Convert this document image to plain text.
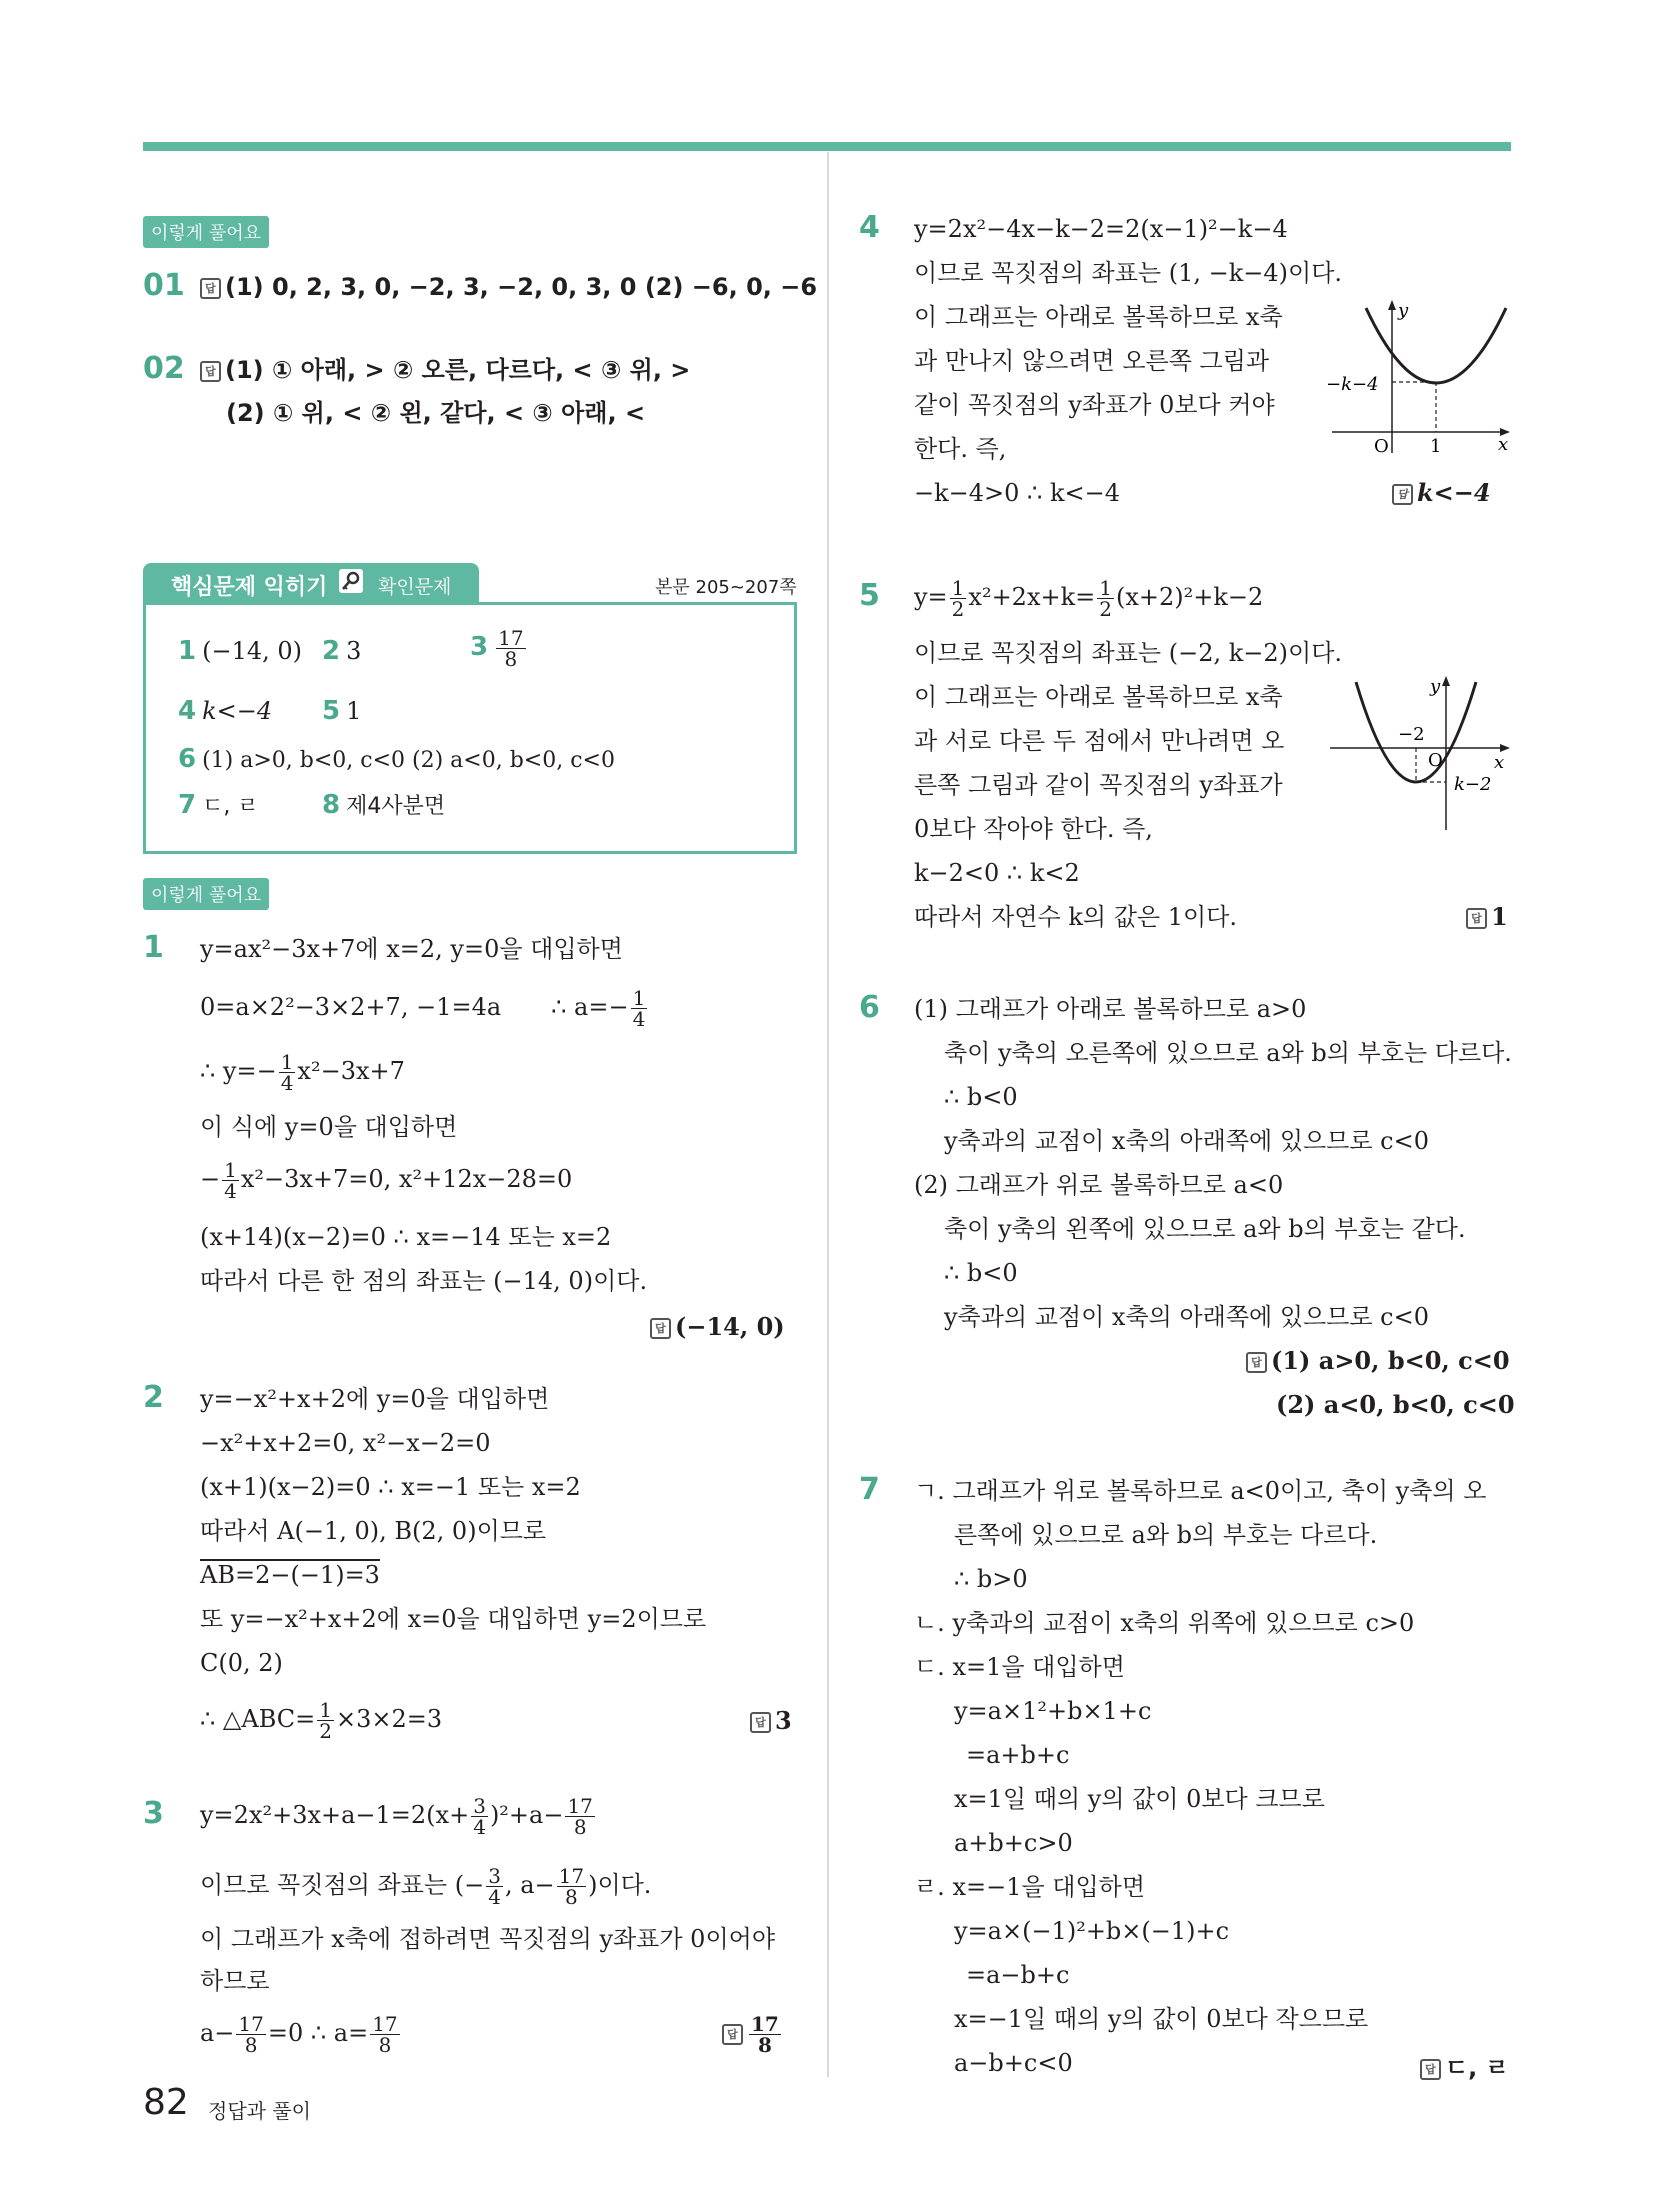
이렇게 풀어요
01	답 (1) 0, 2, 3, 0, −2, 3, −2, 0, 3, 0 (2) −6, 0, −6
02	답 (1) ① 아래, > ② 오른, 다르다, < ③ 위, >
(2) ① 위, < ② 왼, 같다, < ③ 아래, <
핵심문제 익히기	확인문제	본문 205~207쪽
1 (−14, 0) 2 3	$3 \frac{17}{8}$
4 k<−4 5 1
6 (1) a>0, b<0, c<0 (2) a<0, b<0, c<0
7 ㄷ, ㄹ 8 제4사분면
이렇게 풀어요
1 y=ax²−3x+7에 x=2, y=0을 대입하면
0=a×2²−3×2+7, −1=4a ∴ $a=- \frac{1}{4}$
∴ $y=- \frac{1}{4} x^2-3x+7$
이 식에 y=0을 대입하면
− $\frac{1}{4} x^2-3x+7=0$, x²+12x−28=0
(x+14)(x−2)=0 ∴ x=−14 또는 x=2
따라서 다른 한 점의 좌표는 (−14, 0)이다.
답 (−14, 0)
2 y=−x²+x+2에 y=0을 대입하면
−x²+x+2=0, x²−x−2=0
(x+1)(x−2)=0 ∴ x=−1 또는 x=2
따라서 A(−1, 0), B(2, 0)이므로
AB=2−(−1)=3
또 y=−x²+x+2에 x=0을 대입하면 y=2이므로
C(0, 2)
∴ △ABC= $\frac{1}{2} \times 3\times 2=3$	답 3
3 $y=2x^2+3x+a-1=2(x+ \frac{3}{4} )^2+a- \frac{17}{8}$
이므로 꼭짓점의 좌표는 (− $\frac{3}{4}$ , $a- \frac{17}{8}$ )이다.
이 그래프가 x축에 접하려면 꼭짓점의 y좌표가 0이어야
하므로
$a- \frac{17}{8} =0$ ∴ $a= \frac{17}{8}$	답 $\frac{17}{8}$
4 y=2x²−4x−k−2=2(x−1)²−k−4
이므로 꼭짓점의 좌표는 (1, −k−4)이다.
이 그래프는 아래로 볼록하므로 x축
과 만나지 않으려면 오른쪽 그림과
같이 꼭짓점의 y좌표가 0보다 커야
한다. 즉,
−k−4>0 ∴ k<−4	답 k<−4
y
x
O 1
−k−4
5 $y= \frac{1}{2} x^2+2x+k= \frac{1}{2} (x+2)^2+k-2$
이므로 꼭짓점의 좌표는 (−2, k−2)이다.
이 그래프는 아래로 볼록하므로 x축
과 서로 다른 두 점에서 만나려면 오
른쪽 그림과 같이 꼭짓점의 y좌표가
0보다 작아야 한다. 즉,
k−2<0 ∴ k<2
따라서 자연수 k의 값은 1이다.	답 1
y
x
O
−2
k−2
6 (1) 그래프가 아래로 볼록하므로 a>0
축이 y축의 오른쪽에 있으므로 a와 b의 부호는 다르다.
∴ b<0
y축과의 교점이 x축의 아래쪽에 있으므로 c<0
(2) 그래프가 위로 볼록하므로 a<0
축이 y축의 왼쪽에 있으므로 a와 b의 부호는 같다.
∴ b<0
y축과의 교점이 x축의 아래쪽에 있으므로 c<0
답 (1) a>0, b<0, c<0
(2) a<0, b<0, c<0
7 ㄱ. 그래프가 위로 볼록하므로 a<0이고, 축이 y축의 오
른쪽에 있으므로 a와 b의 부호는 다르다.
∴ b>0
ㄴ. y축과의 교점이 x축의 위쪽에 있으므로 c>0
ㄷ. x=1을 대입하면
y=a×1²+b×1+c
=a+b+c
x=1일 때의 y의 값이 0보다 크므로
a+b+c>0
ㄹ. x=−1을 대입하면
y=a×(−1)²+b×(−1)+c
=a−b+c
x=−1일 때의 y의 값이 0보다 작으므로
a−b+c<0	답 ㄷ, ㄹ
82 정답과 풀이
